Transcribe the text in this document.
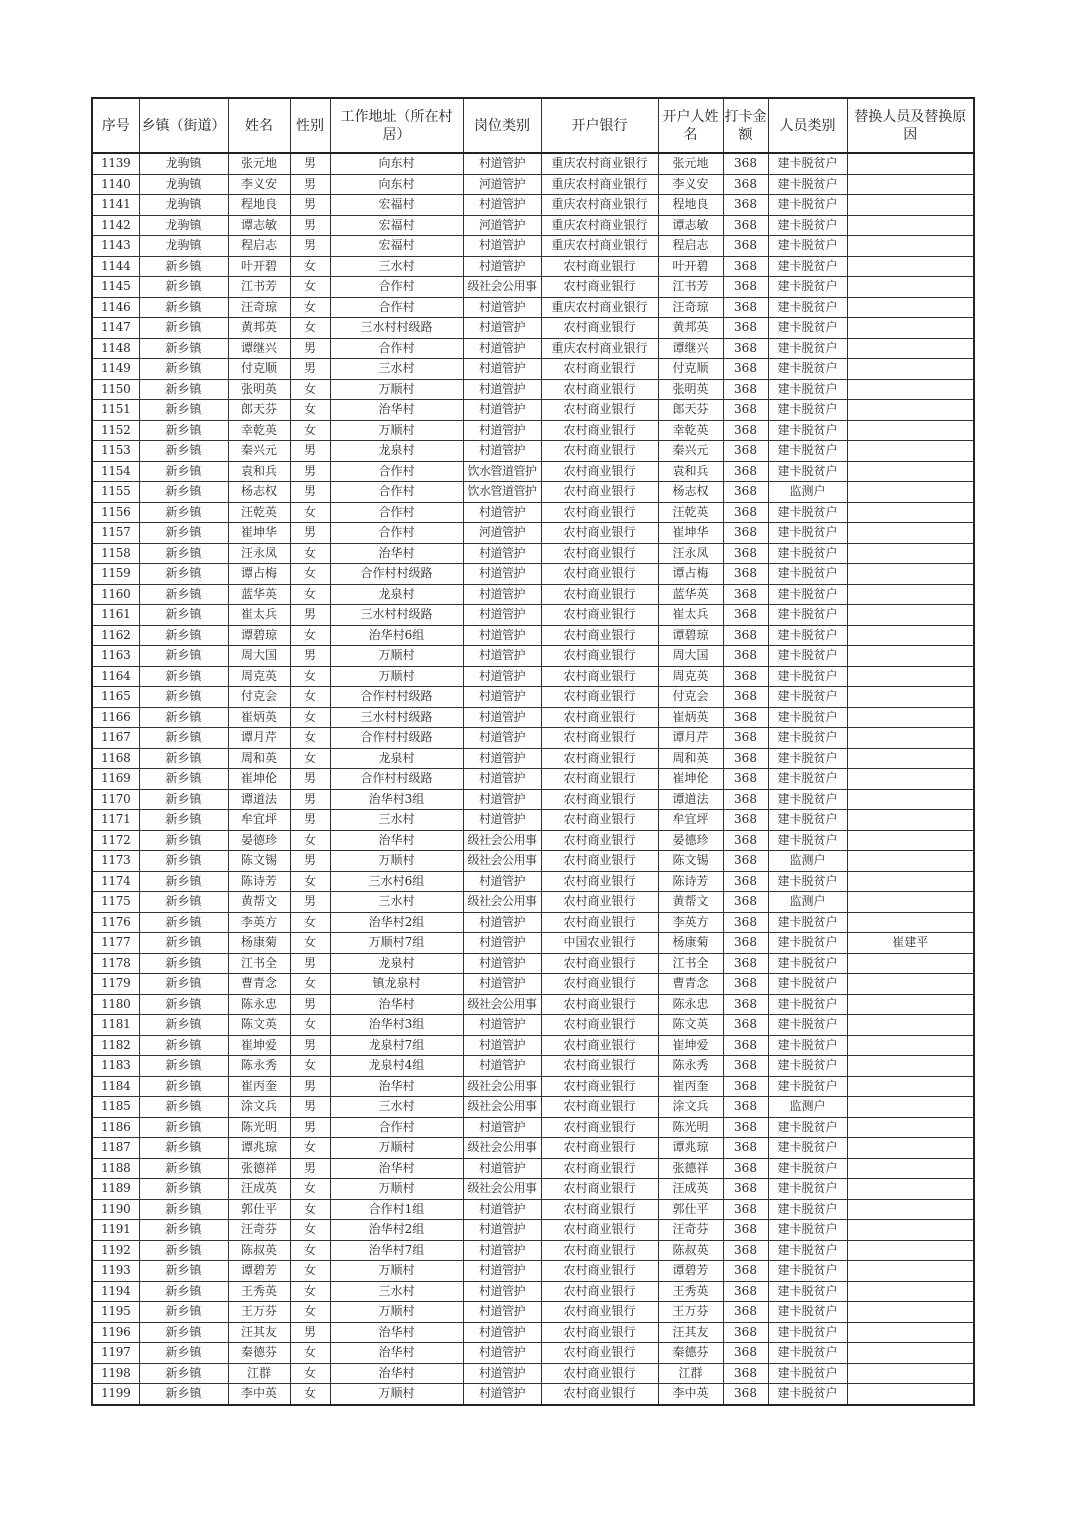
序号	乡镇（街道）	姓名	性别	工作地址（所在村居）	岗位类别	开户银行	开户人姓名	打卡金额	人员类别	替换人员及替换原因
1139	龙驹镇	张元地	男	向东村	村道管护	重庆农村商业银行	张元地	368	建卡脱贫户	
1140	龙驹镇	李义安	男	向东村	河道管护	重庆农村商业银行	李义安	368	建卡脱贫户	
1141	龙驹镇	程地良	男	宏福村	村道管护	重庆农村商业银行	程地良	368	建卡脱贫户	
1142	龙驹镇	谭志敏	男	宏福村	河道管护	重庆农村商业银行	谭志敏	368	建卡脱贫户	
1143	龙驹镇	程启志	男	宏福村	村道管护	重庆农村商业银行	程启志	368	建卡脱贫户	
1144	新乡镇	叶开碧	女	三水村	村道管护	农村商业银行	叶开碧	368	建卡脱贫户	
1145	新乡镇	江书芳	女	合作村	级社会公用事	农村商业银行	江书芳	368	建卡脱贫户	
1146	新乡镇	汪奇琼	女	合作村	村道管护	重庆农村商业银行	汪奇琼	368	建卡脱贫户	
1147	新乡镇	黄邦英	女	三水村村级路	村道管护	农村商业银行	黄邦英	368	建卡脱贫户	
1148	新乡镇	谭继兴	男	合作村	村道管护	重庆农村商业银行	谭继兴	368	建卡脱贫户	
1149	新乡镇	付克顺	男	三水村	村道管护	农村商业银行	付克顺	368	建卡脱贫户	
1150	新乡镇	张明英	女	万顺村	村道管护	农村商业银行	张明英	368	建卡脱贫户	
1151	新乡镇	郎天芬	女	治华村	村道管护	农村商业银行	郎天芬	368	建卡脱贫户	
1152	新乡镇	幸乾英	女	万顺村	村道管护	农村商业银行	幸乾英	368	建卡脱贫户	
1153	新乡镇	秦兴元	男	龙泉村	村道管护	农村商业银行	秦兴元	368	建卡脱贫户	
1154	新乡镇	袁和兵	男	合作村	饮水管道管护	农村商业银行	袁和兵	368	建卡脱贫户	
1155	新乡镇	杨志权	男	合作村	饮水管道管护	农村商业银行	杨志权	368	监测户	
1156	新乡镇	汪乾英	女	合作村	村道管护	农村商业银行	汪乾英	368	建卡脱贫户	
1157	新乡镇	崔坤华	男	合作村	河道管护	农村商业银行	崔坤华	368	建卡脱贫户	
1158	新乡镇	汪永凤	女	治华村	村道管护	农村商业银行	汪永凤	368	建卡脱贫户	
1159	新乡镇	谭占梅	女	合作村村级路	村道管护	农村商业银行	谭占梅	368	建卡脱贫户	
1160	新乡镇	蓝华英	女	龙泉村	村道管护	农村商业银行	蓝华英	368	建卡脱贫户	
1161	新乡镇	崔太兵	男	三水村村级路	村道管护	农村商业银行	崔太兵	368	建卡脱贫户	
1162	新乡镇	谭碧琼	女	治华村6组	村道管护	农村商业银行	谭碧琼	368	建卡脱贫户	
1163	新乡镇	周大国	男	万顺村	村道管护	农村商业银行	周大国	368	建卡脱贫户	
1164	新乡镇	周克英	女	万顺村	村道管护	农村商业银行	周克英	368	建卡脱贫户	
1165	新乡镇	付克会	女	合作村村级路	村道管护	农村商业银行	付克会	368	建卡脱贫户	
1166	新乡镇	崔炳英	女	三水村村级路	村道管护	农村商业银行	崔炳英	368	建卡脱贫户	
1167	新乡镇	谭月芹	女	合作村村级路	村道管护	农村商业银行	谭月芹	368	建卡脱贫户	
1168	新乡镇	周和英	女	龙泉村	村道管护	农村商业银行	周和英	368	建卡脱贫户	
1169	新乡镇	崔坤伦	男	合作村村级路	村道管护	农村商业银行	崔坤伦	368	建卡脱贫户	
1170	新乡镇	谭道法	男	治华村3组	村道管护	农村商业银行	谭道法	368	建卡脱贫户	
1171	新乡镇	牟宜坪	男	三水村	村道管护	农村商业银行	牟宜坪	368	建卡脱贫户	
1172	新乡镇	晏德珍	女	治华村	级社会公用事	农村商业银行	晏德珍	368	建卡脱贫户	
1173	新乡镇	陈文锡	男	万顺村	级社会公用事	农村商业银行	陈文锡	368	监测户	
1174	新乡镇	陈诗芳	女	三水村6组	村道管护	农村商业银行	陈诗芳	368	建卡脱贫户	
1175	新乡镇	黄帮文	男	三水村	级社会公用事	农村商业银行	黄帮文	368	监测户	
1176	新乡镇	李英方	女	治华村2组	村道管护	农村商业银行	李英方	368	建卡脱贫户	
1177	新乡镇	杨康菊	女	万顺村7组	村道管护	中国农业银行	杨康菊	368	建卡脱贫户	崔建平
1178	新乡镇	江书全	男	龙泉村	村道管护	农村商业银行	江书全	368	建卡脱贫户	
1179	新乡镇	曹青念	女	镇龙泉村	村道管护	农村商业银行	曹青念	368	建卡脱贫户	
1180	新乡镇	陈永忠	男	治华村	级社会公用事	农村商业银行	陈永忠	368	建卡脱贫户	
1181	新乡镇	陈文英	女	治华村3组	村道管护	农村商业银行	陈文英	368	建卡脱贫户	
1182	新乡镇	崔坤爱	男	龙泉村7组	村道管护	农村商业银行	崔坤爱	368	建卡脱贫户	
1183	新乡镇	陈永秀	女	龙泉村4组	村道管护	农村商业银行	陈永秀	368	建卡脱贫户	
1184	新乡镇	崔丙奎	男	治华村	级社会公用事	农村商业银行	崔丙奎	368	建卡脱贫户	
1185	新乡镇	涂文兵	男	三水村	级社会公用事	农村商业银行	涂文兵	368	监测户	
1186	新乡镇	陈光明	男	合作村	村道管护	农村商业银行	陈光明	368	建卡脱贫户	
1187	新乡镇	谭兆琼	女	万顺村	级社会公用事	农村商业银行	谭兆琼	368	建卡脱贫户	
1188	新乡镇	张德祥	男	治华村	村道管护	农村商业银行	张德祥	368	建卡脱贫户	
1189	新乡镇	汪成英	女	万顺村	级社会公用事	农村商业银行	汪成英	368	建卡脱贫户	
1190	新乡镇	郭仕平	女	合作村1组	村道管护	农村商业银行	郭仕平	368	建卡脱贫户	
1191	新乡镇	汪奇芬	女	治华村2组	村道管护	农村商业银行	汪奇芬	368	建卡脱贫户	
1192	新乡镇	陈叔英	女	治华村7组	村道管护	农村商业银行	陈叔英	368	建卡脱贫户	
1193	新乡镇	谭碧芳	女	万顺村	村道管护	农村商业银行	谭碧芳	368	建卡脱贫户	
1194	新乡镇	王秀英	女	三水村	村道管护	农村商业银行	王秀英	368	建卡脱贫户	
1195	新乡镇	王万芬	女	万顺村	村道管护	农村商业银行	王万芬	368	建卡脱贫户	
1196	新乡镇	汪其友	男	治华村	村道管护	农村商业银行	汪其友	368	建卡脱贫户	
1197	新乡镇	秦德芬	女	治华村	村道管护	农村商业银行	秦德芬	368	建卡脱贫户	
1198	新乡镇	江群	女	治华村	村道管护	农村商业银行	江群	368	建卡脱贫户	
1199	新乡镇	李中英	女	万顺村	村道管护	农村商业银行	李中英	368	建卡脱贫户	
